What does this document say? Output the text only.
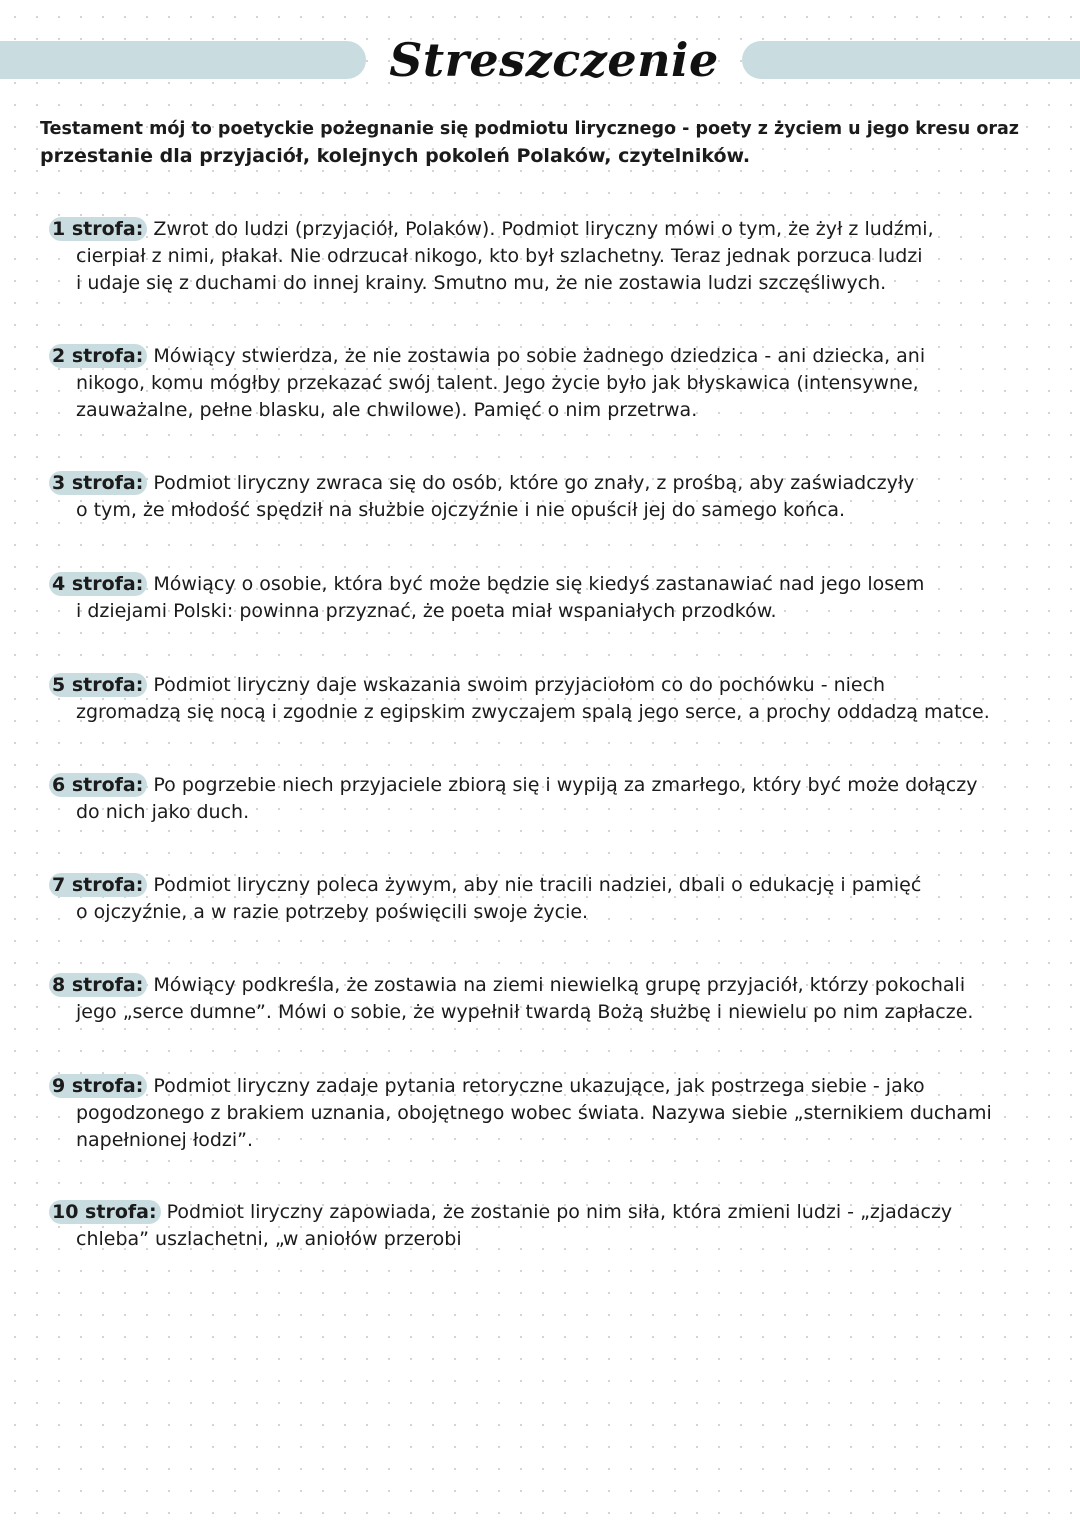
Streszczenie
Testament mój to poetyckie pożegnanie się podmiotu lirycznego - poety z życiem u jego kresu oraz
przestanie dla przyjaciół, kolejnych pokoleń Polaków, czytelników.
1 strofa: Zwrot do ludzi (przyjaciół, Polaków). Podmiot liryczny mówi o tym, że żył z ludźmi,
cierpiał z nimi, płakał. Nie odrzucał nikogo, kto był szlachetny. Teraz jednak porzuca ludzi
i udaje się z duchami do innej krainy. Smutno mu, że nie zostawia ludzi szczęśliwych.
2 strofa: Mówiący stwierdza, że nie zostawia po sobie żadnego dziedzica - ani dziecka, ani
nikogo, komu mógłby przekazać swój talent. Jego życie było jak błyskawica (intensywne,
zauważalne, pełne blasku, ale chwilowe). Pamięć o nim przetrwa.
3 strofa: Podmiot liryczny zwraca się do osób, które go znały, z prośbą, aby zaświadczyły
o tym, że młodość spędził na służbie ojczyźnie i nie opuścił jej do samego końca.
4 strofa: Mówiący o osobie, która być może będzie się kiedyś zastanawiać nad jego losem
i dziejami Polski: powinna przyznać, że poeta miał wspaniałych przodków.
5 strofa: Podmiot liryczny daje wskazania swoim przyjaciołom co do pochówku - niech
zgromadzą się nocą i zgodnie z egipskim zwyczajem spalą jego serce, a prochy oddadzą matce.
6 strofa: Po pogrzebie niech przyjaciele zbiorą się i wypiją za zmarłego, który być może dołączy
do nich jako duch.
7 strofa: Podmiot liryczny poleca żywym, aby nie tracili nadziei, dbali o edukację i pamięć
o ojczyźnie, a w razie potrzeby poświęcili swoje życie.
8 strofa: Mówiący podkreśla, że zostawia na ziemi niewielką grupę przyjaciół, którzy pokochali
jego „serce dumne”. Mówi o sobie, że wypełnił twardą Bożą służbę i niewielu po nim zapłacze.
9 strofa: Podmiot liryczny zadaje pytania retoryczne ukazujące, jak postrzega siebie - jako
pogodzonego z brakiem uznania, obojętnego wobec świata. Nazywa siebie „sternikiem duchami
napełnionej łodzi”.
10 strofa: Podmiot liryczny zapowiada, że zostanie po nim siła, która zmieni ludzi - „zjadaczy
chleba” uszlachetni, „w aniołów przerobi
